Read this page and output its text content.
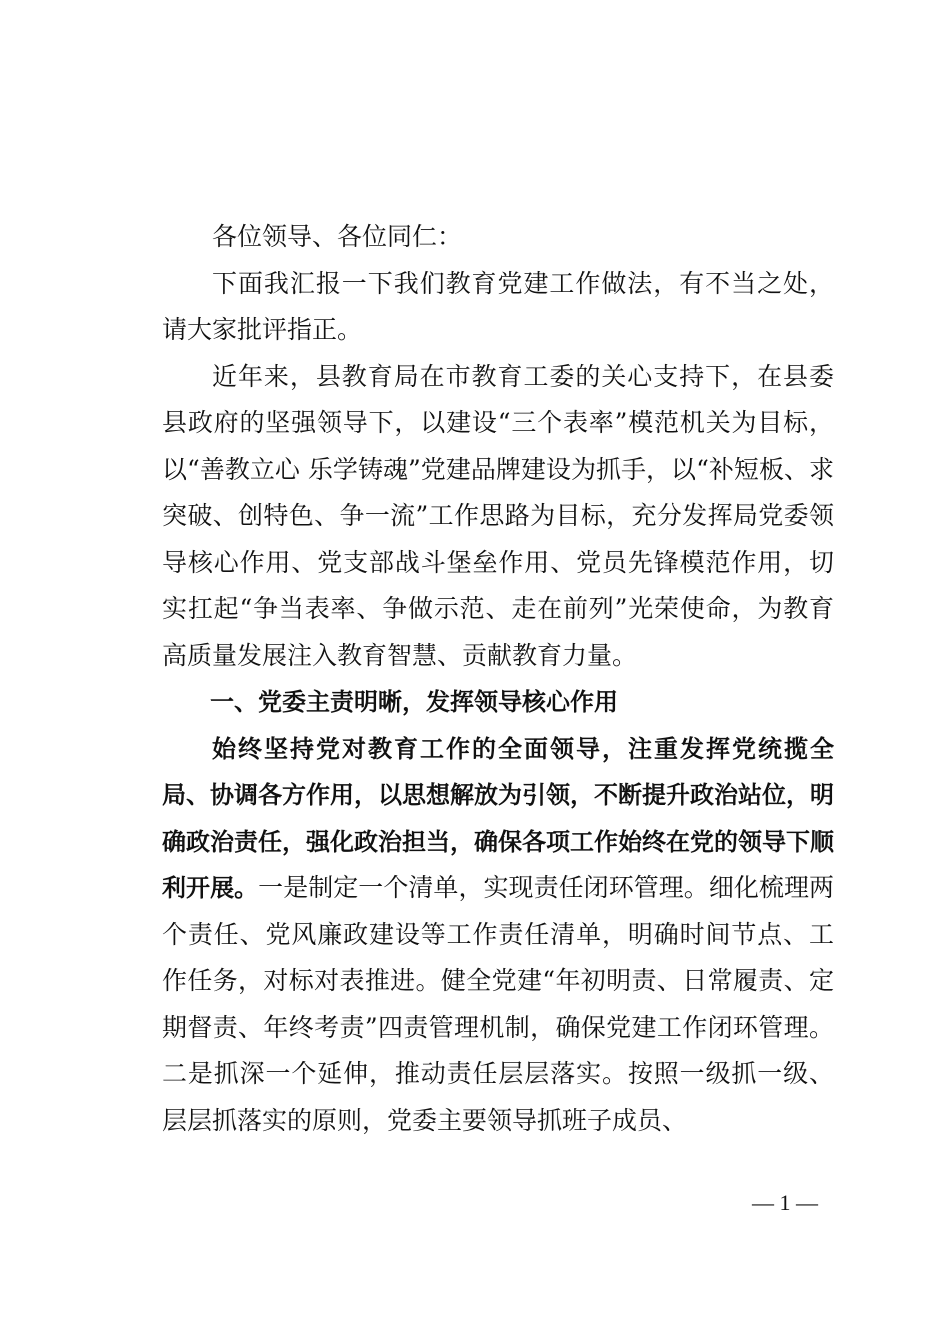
各位领导、各位同仁：

下面我汇报一下我们教育党建工作做法，有不当之处，请大家批评指正。

近年来，县教育局在市教育工委的关心支持下，在县委县政府的坚强领导下，以建设“三个表率”模范机关为目标，以“善教立心 乐学铸魂”党建品牌建设为抓手，以“补短板、求突破、创特色、争一流”工作思路为目标，充分发挥局党委领导核心作用、党支部战斗堡垒作用、党员先锋模范作用，切实扛起“争当表率、争做示范、走在前列”光荣使命，为教育高质量发展注入教育智慧、贡献教育力量。

一、党委主责明晰，发挥领导核心作用

始终坚持党对教育工作的全面领导，注重发挥党统揽全局、协调各方作用，以思想解放为引领，不断提升政治站位，明确政治责任，强化政治担当，确保各项工作始终在党的领导下顺利开展。一是制定一个清单，实现责任闭环管理。细化梳理两个责任、党风廉政建设等工作责任清单，明确时间节点、工作任务，对标对表推进。健全党建“年初明责、日常履责、定期督责、年终考责”四责管理机制，确保党建工作闭环管理。二是抓深一个延伸，推动责任层层落实。按照一级抓一级、层层抓落实的原则，党委主要领导抓班子成员、

— 1 —
